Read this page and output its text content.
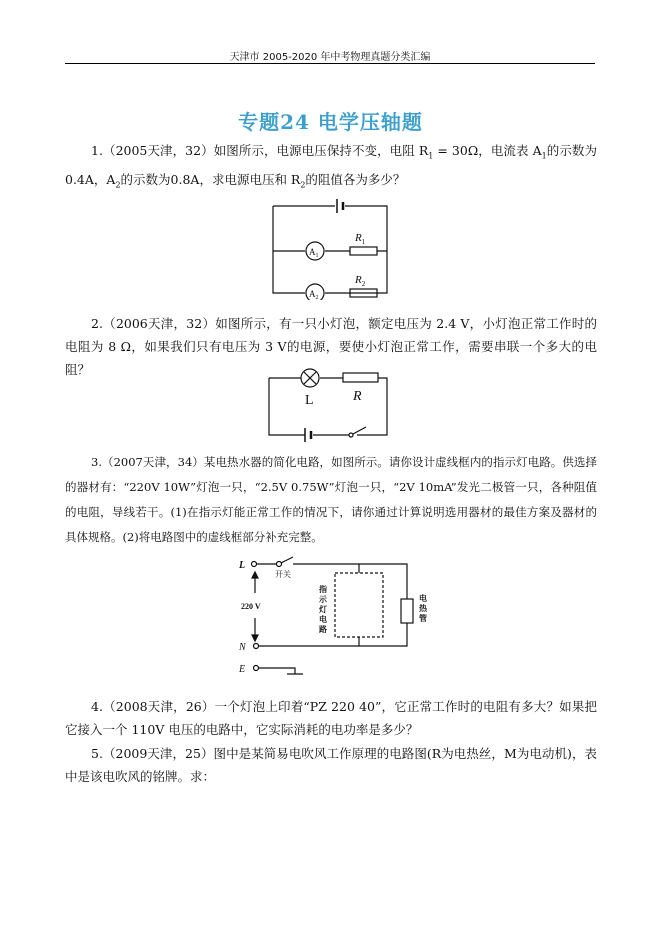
天津市 2005-2020 年中考物理真题分类汇编
专题24 电学压轴题
1.（2005天津，32）如图所示，电源电压保持不变，电阻 $R_1 = 30\Omega$，电流表 $A_1$的示数为0.4A，$A_2$的示数为0.8A，求电源电压和 $R_2$的阻值各为多少？
$R_1$
$R_2$
$A_1$
$A_2$
2.（2006天津，32）如图所示，有一只小灯泡，额定电压为 2.4 V，小灯泡正常工作时的电阻为 8 Ω，如果我们只有电压为 3 V的电源，要使小灯泡正常工作，需要串联一个多大的电阻？
L	R
3.（2007天津，34）某电热水器的简化电路，如图所示。请你设计虚线框内的指示灯电路。供选择的器材有：“220V 10W”灯泡一只，“2.5V 0.75W”灯泡一只，“2V 10mA”发光二极管一只，各种阻值的电阻，导线若干。(1)在指示灯能正常工作的情况下，请你通过计算说明选用器材的最佳方案及器材的具体规格。(2)将电路图中的虚线框部分补充完整。
L
N
E
开关
220 V
指
示
灯
电
路
电
热
管
4.（2008天津，26）一个灯泡上印着“PZ 220 40”，它正常工作时的电阻有多大？如果把它接入一个 110V 电压的电路中，它实际消耗的电功率是多少？
5.（2009天津，25）图中是某简易电吹风工作原理的电路图(R为电热丝，M为电动机)，表中是该电吹风的铭牌。求：
